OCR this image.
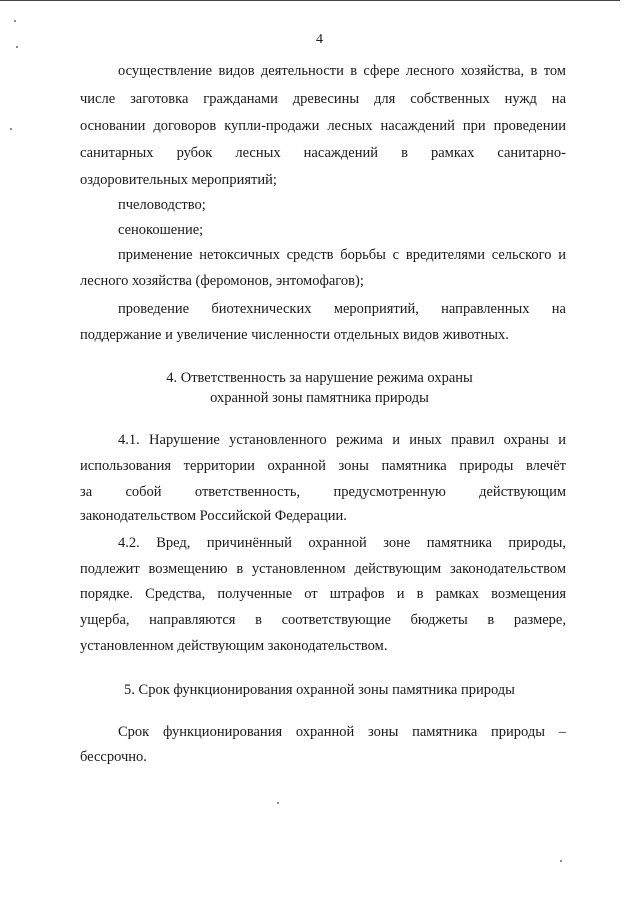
4
осуществление видов деятельности в сфере лесного хозяйства, в том
числе заготовка гражданами древесины для собственных нужд на
основании договоров купли-продажи лесных насаждений при проведении
санитарных рубок лесных насаждений в рамках санитарно-
оздоровительных мероприятий;
пчеловодство;
сенокошение;
применение нетоксичных средств борьбы с вредителями сельского и
лесного хозяйства (феромонов, энтомофагов);
проведение биотехнических мероприятий, направленных на
поддержание и увеличение численности отдельных видов животных.
4. Ответственность за нарушение режима охраны
охранной зоны памятника природы
4.1. Нарушение установленного режима и иных правил охраны и
использования территории охранной зоны памятника природы влечёт
за собой ответственность, предусмотренную действующим
законодательством Российской Федерации.
4.2. Вред, причинённый охранной зоне памятника природы,
подлежит возмещению в установленном действующим законодательством
порядке. Средства, полученные от штрафов и в рамках возмещения
ущерба, направляются в соответствующие бюджеты в размере,
установленном действующим законодательством.
5. Срок функционирования охранной зоны памятника природы
Срок функционирования охранной зоны памятника природы –
бессрочно.
